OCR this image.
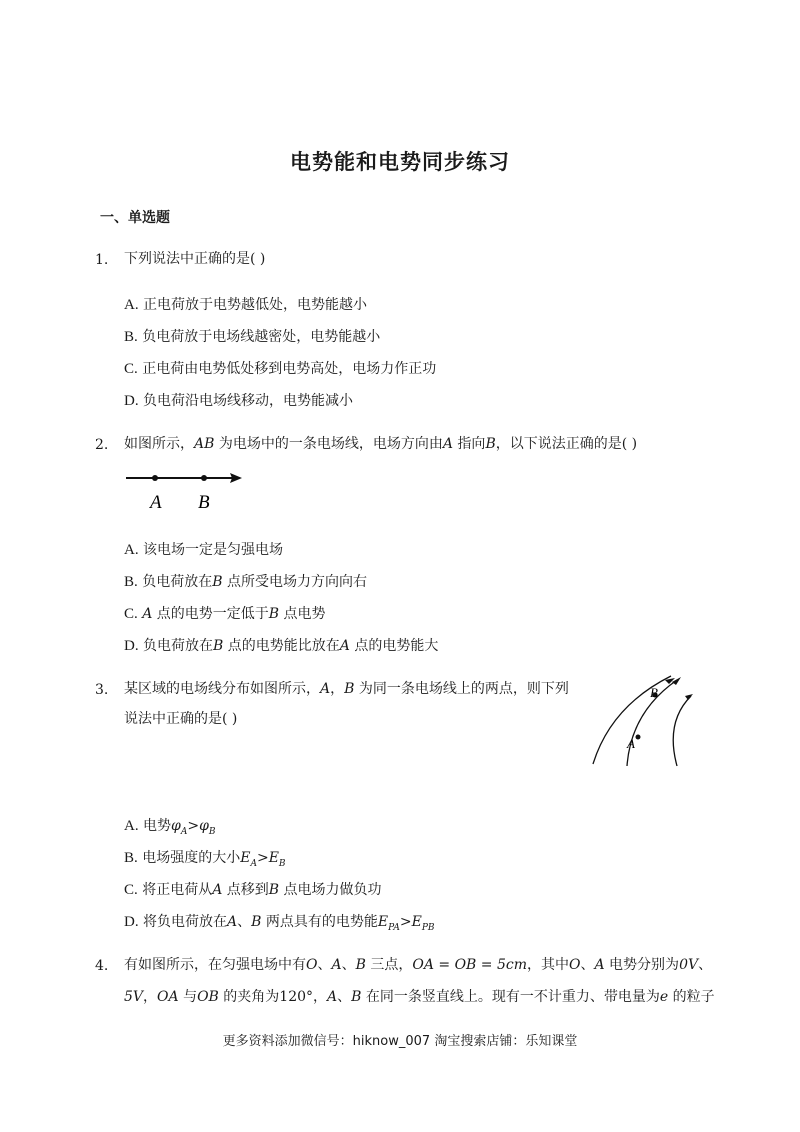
电势能和电势同步练习
一、单选题
1. 下列说法中正确的是( )
A. 正电荷放于电势越低处，电势能越小
B. 负电荷放于电场线越密处，电势能越小
C. 正电荷由电势低处移到电势高处，电场力作正功
D. 负电荷沿电场线移动，电势能减小
2. 如图所示，AB 为电场中的一条电场线，电场方向由A 指向B，以下说法正确的是( )
A B
A. 该电场一定是匀强电场
B. 负电荷放在B 点所受电场力方向向右
C. A 点的电势一定低于B 点电势
D. 负电荷放在B 点的电势能比放在A 点的电势能大
3. 某区域的电场线分布如图所示，A，B 为同一条电场线上的两点，则下列
说法中正确的是( )
A
B
A. 电势$\varphi_A>\varphi_B$
B. 电场强度的大小$E_A>E_B$
C. 将正电荷从A 点移到B 点电场力做负功
D. 将负电荷放在A、B 两点具有的电势能$E_{PA}>E_{PB}$
4. 有如图所示，在匀强电场中有O、A、B 三点，OA = OB = 5cm，其中O、A 电势分别为0V、
5V，OA 与OB 的夹角为120°，A、B 在同一条竖直线上。现有一不计重力、带电量为e 的粒子
更多资料添加微信号：hiknow_007 淘宝搜索店铺：乐知课堂
